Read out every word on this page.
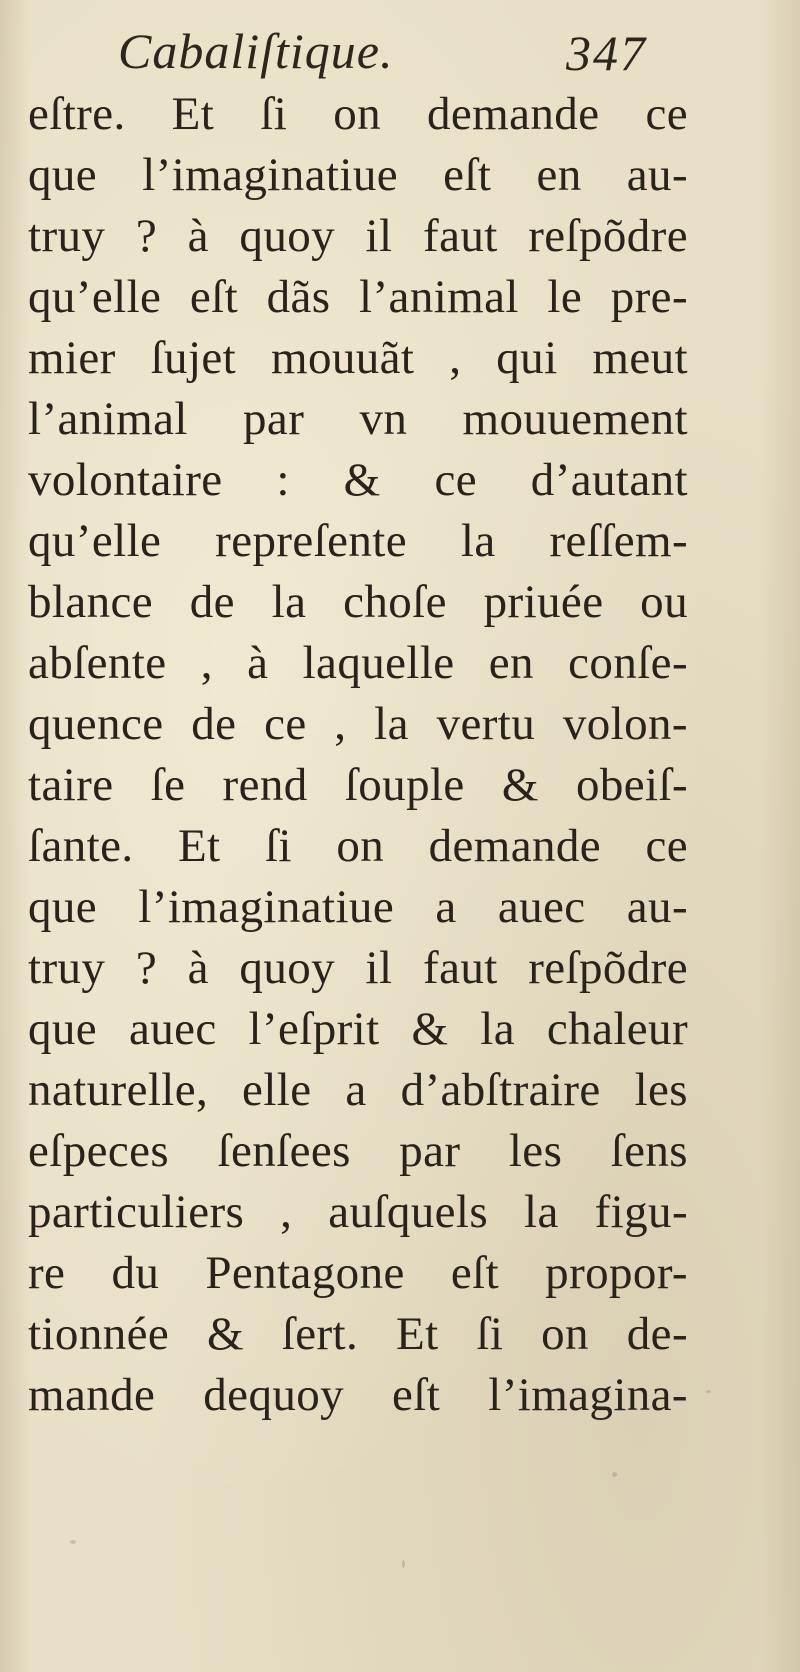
Cabaliſtique.	347
eſtre. Et ſi on demande ce
que l’imaginatiue eſt en au-
truy ? à quoy il faut reſpõdre
qu’elle eſt dãs l’animal le pre-
mier ſujet mouuãt , qui meut
l’animal par vn mouuement
volontaire : & ce d’autant
qu’elle repreſente la reſſem-
blance de la choſe priuée ou
abſente , à laquelle en conſe-
quence de ce , la vertu volon-
taire ſe rend ſouple & obeiſ-
ſante. Et ſi on demande ce
que l’imaginatiue a auec au-
truy ? à quoy il faut reſpõdre
que auec l’eſprit & la chaleur
naturelle, elle a d’abſtraire les
eſpeces ſenſees par les ſens
particuliers , auſquels la figu-
re du Pentagone eſt propor-
tionnée & ſert. Et ſi on de-
mande dequoy eſt l’imagina-
